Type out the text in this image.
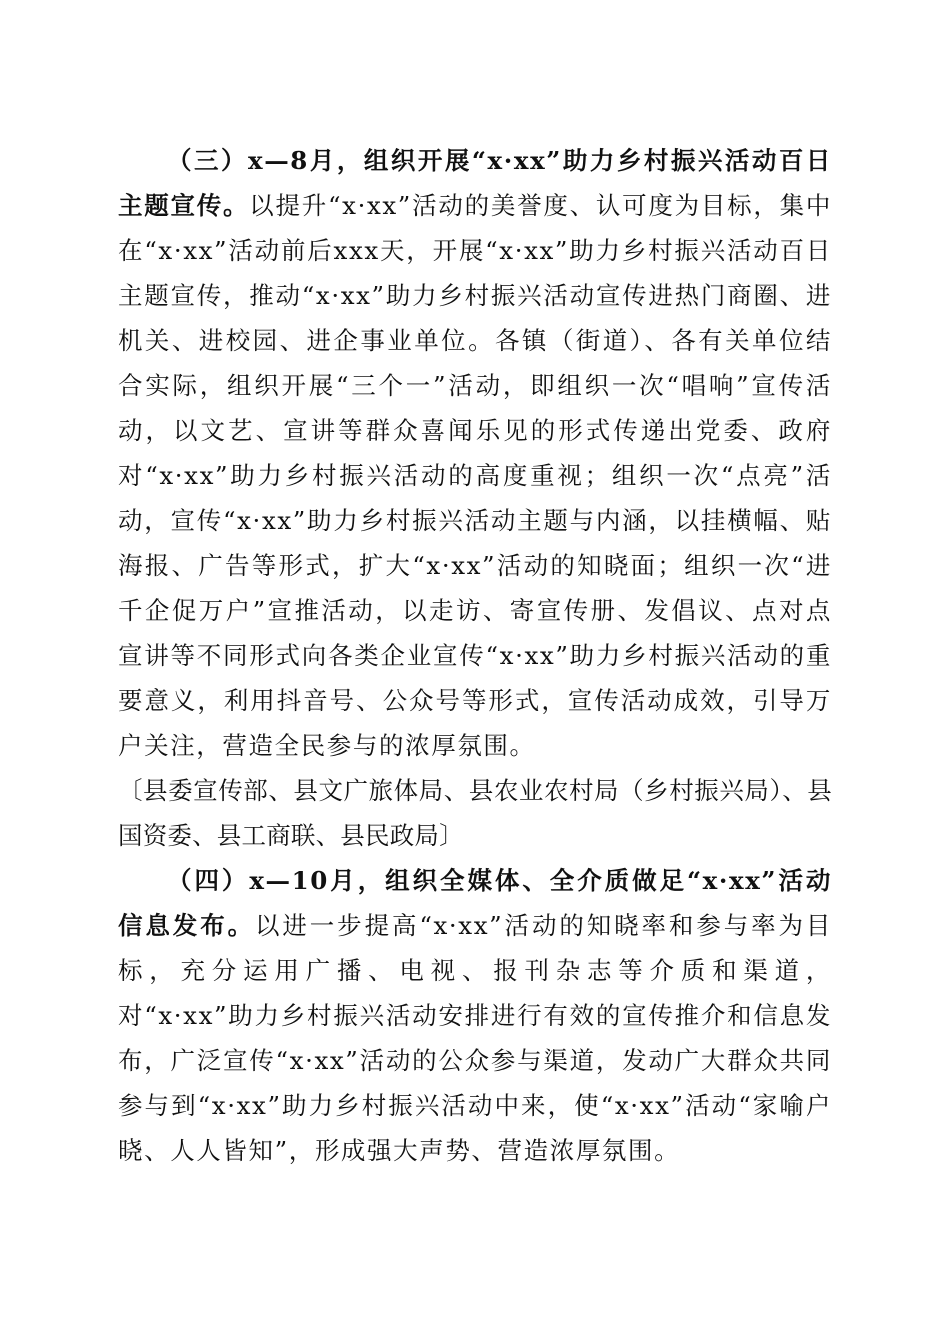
（三）x—8月，组织开展“x·xx”助力乡村振兴活动百日主题宣传。以提升“x·xx”活动的美誉度、认可度为目标，集中在“x·xx”活动前后xxx天，开展“x·xx”助力乡村振兴活动百日主题宣传，推动“x·xx”助力乡村振兴活动宣传进热门商圈、进机关、进校园、进企事业单位。各镇（街道）、各有关单位结合实际，组织开展“三个一”活动，即组织一次“唱响”宣传活动，以文艺、宣讲等群众喜闻乐见的形式传递出党委、政府对“x·xx”助力乡村振兴活动的高度重视；组织一次“点亮”活动，宣传“x·xx”助力乡村振兴活动主题与内涵，以挂横幅、贴海报、广告等形式，扩大“x·xx”活动的知晓面；组织一次“进千企促万户”宣推活动，以走访、寄宣传册、发倡议、点对点宣讲等不同形式向各类企业宣传“x·xx”助力乡村振兴活动的重要意义，利用抖音号、公众号等形式，宣传活动成效，引导万户关注，营造全民参与的浓厚氛围。

〔县委宣传部、县文广旅体局、县农业农村局（乡村振兴局）、县国资委、县工商联、县民政局〕

（四）x—10月，组织全媒体、全介质做足“x·xx”活动信息发布。以进一步提高“x·xx”活动的知晓率和参与率为目标，充分运用广播、电视、报刊杂志等介质和渠道，对“x·xx”助力乡村振兴活动安排进行有效的宣传推介和信息发布，广泛宣传“x·xx”活动的公众参与渠道，发动广大群众共同参与到“x·xx”助力乡村振兴活动中来，使“x·xx”活动“家喻户晓、人人皆知”，形成强大声势、营造浓厚氛围。
